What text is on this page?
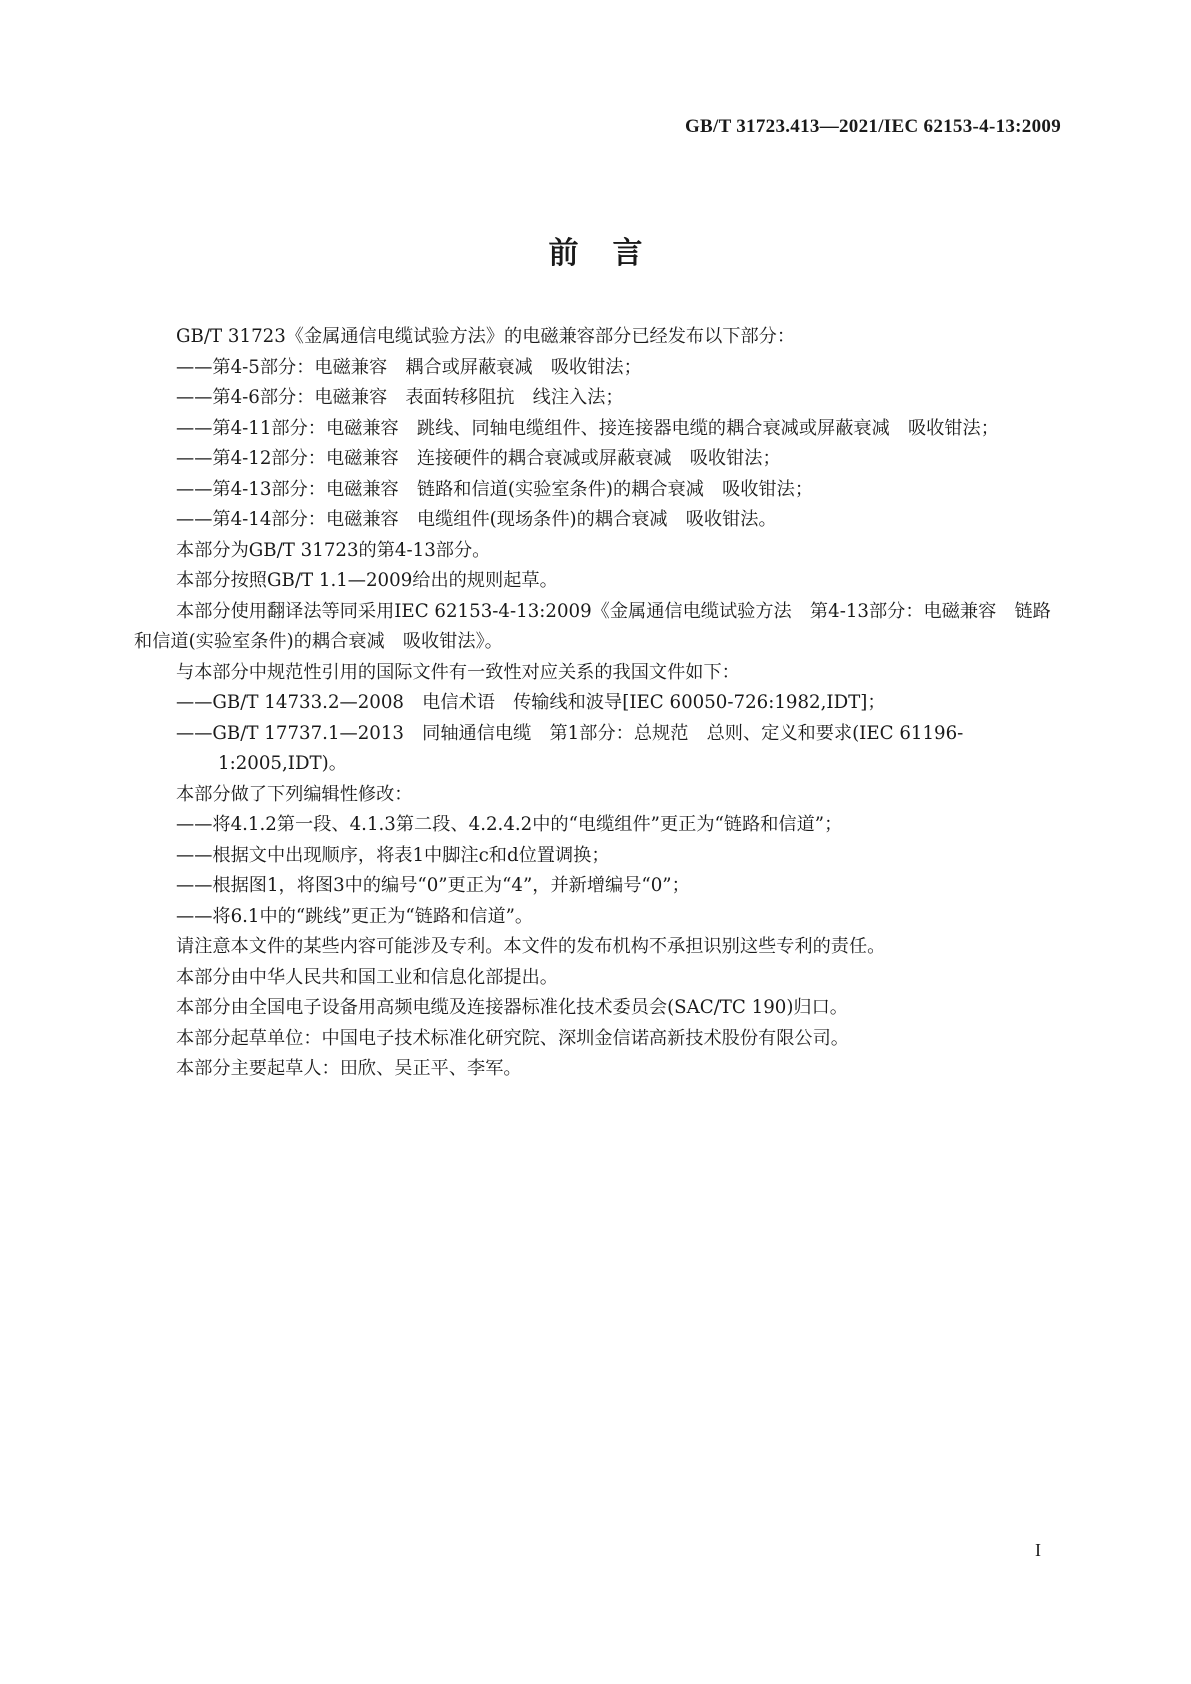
GB/T 31723.413—2021/IEC 62153-4-13:2009
前言

GB/T 31723《金属通信电缆试验方法》的电磁兼容部分已经发布以下部分：

——第4-5部分：电磁兼容　耦合或屏蔽衰减　吸收钳法；

——第4-6部分：电磁兼容　表面转移阻抗　线注入法；

——第4-11部分：电磁兼容　跳线、同轴电缆组件、接连接器电缆的耦合衰减或屏蔽衰减　吸收钳法；

——第4-12部分：电磁兼容　连接硬件的耦合衰减或屏蔽衰减　吸收钳法；

——第4-13部分：电磁兼容　链路和信道(实验室条件)的耦合衰减　吸收钳法；

——第4-14部分：电磁兼容　电缆组件(现场条件)的耦合衰减　吸收钳法。

本部分为GB/T 31723的第4-13部分。

本部分按照GB/T 1.1—2009给出的规则起草。

本部分使用翻译法等同采用IEC 62153-4-13:2009《金属通信电缆试验方法　第4-13部分：电磁兼容　链路和信道(实验室条件)的耦合衰减　吸收钳法》。

与本部分中规范性引用的国际文件有一致性对应关系的我国文件如下：

——GB/T 14733.2—2008　电信术语　传输线和波导[IEC 60050-726:1982,IDT]；

——GB/T 17737.1—2013　同轴通信电缆　第1部分：总规范　总则、定义和要求(IEC 61196-1:2005,IDT)。

本部分做了下列编辑性修改：

——将4.1.2第一段、4.1.3第二段、4.2.4.2中的“电缆组件”更正为“链路和信道”；

——根据文中出现顺序，将表1中脚注c和d位置调换；

——根据图1，将图3中的编号“0”更正为“4”，并新增编号“0”；

——将6.1中的“跳线”更正为“链路和信道”。

请注意本文件的某些内容可能涉及专利。本文件的发布机构不承担识别这些专利的责任。

本部分由中华人民共和国工业和信息化部提出。

本部分由全国电子设备用高频电缆及连接器标准化技术委员会(SAC/TC 190)归口。

本部分起草单位：中国电子技术标准化研究院、深圳金信诺高新技术股份有限公司。

本部分主要起草人：田欣、吴正平、李军。

I
